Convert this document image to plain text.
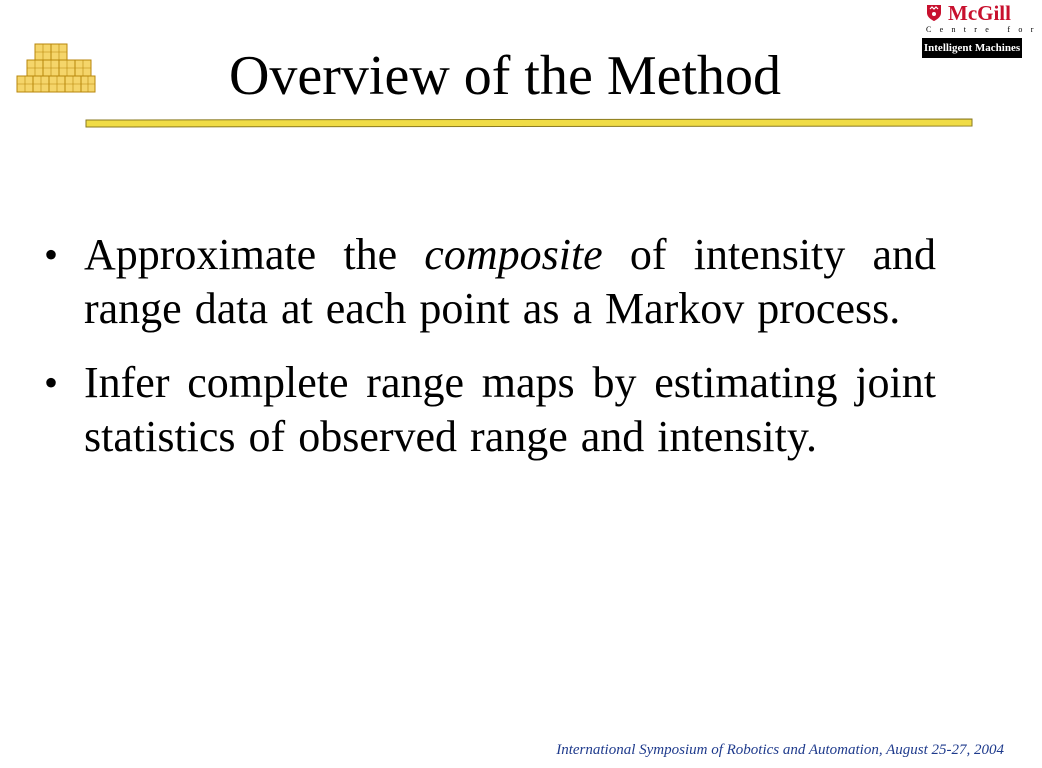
McGill
Centre for
Intelligent Machines
Overview of the Method
• Approximate the composite of intensity and range data at each point as a Markov process.
• Infer complete range maps by estimating joint statistics of observed range and intensity.
International Symposium of Robotics and Automation, August 25-27, 2004
